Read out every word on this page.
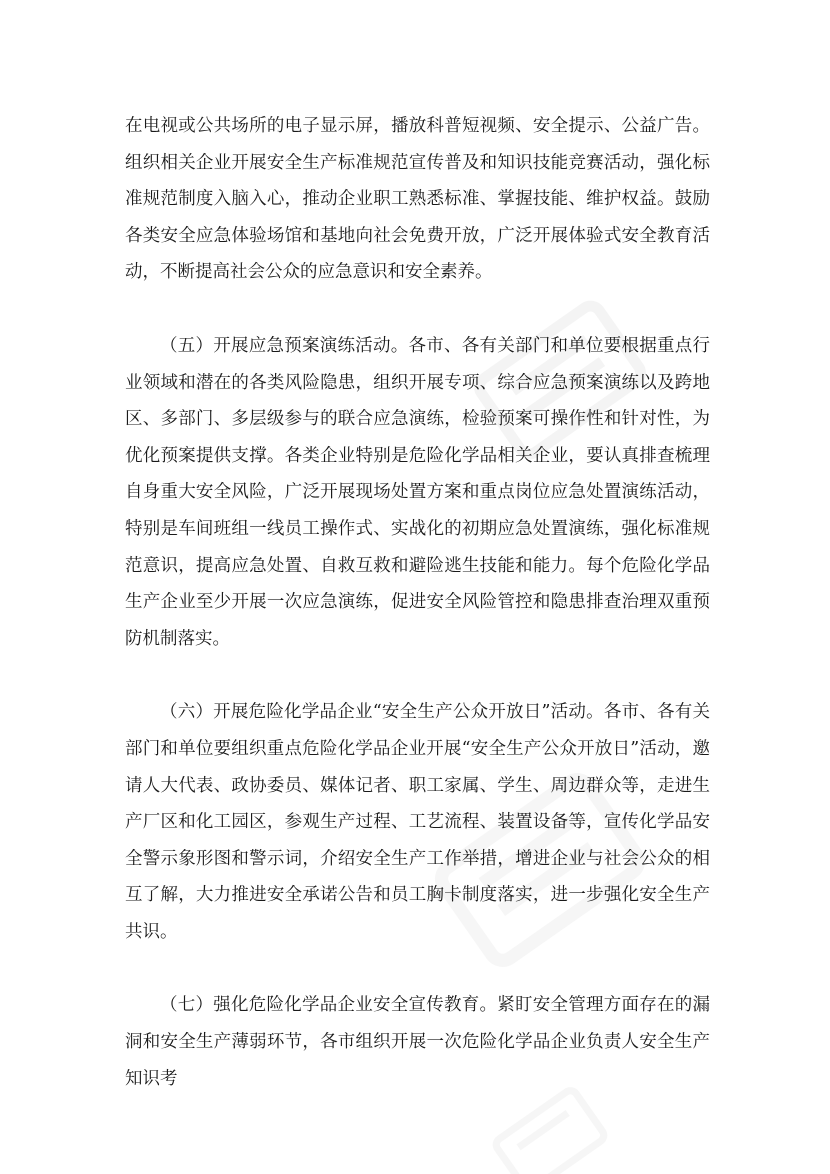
在电视或公共场所的电子显示屏，播放科普短视频、安全提示、公益广告。组织相关企业开展安全生产标准规范宣传普及和知识技能竞赛活动，强化标准规范制度入脑入心，推动企业职工熟悉标准、掌握技能、维护权益。鼓励各类安全应急体验场馆和基地向社会免费开放，广泛开展体验式安全教育活动，不断提高社会公众的应急意识和安全素养。

（五）开展应急预案演练活动。各市、各有关部门和单位要根据重点行业领域和潜在的各类风险隐患，组织开展专项、综合应急预案演练以及跨地区、多部门、多层级参与的联合应急演练，检验预案可操作性和针对性，为优化预案提供支撑。各类企业特别是危险化学品相关企业，要认真排查梳理自身重大安全风险，广泛开展现场处置方案和重点岗位应急处置演练活动，特别是车间班组一线员工操作式、实战化的初期应急处置演练，强化标准规范意识，提高应急处置、自救互救和避险逃生技能和能力。每个危险化学品生产企业至少开展一次应急演练，促进安全风险管控和隐患排查治理双重预防机制落实。

（六）开展危险化学品企业“安全生产公众开放日”活动。各市、各有关部门和单位要组织重点危险化学品企业开展“安全生产公众开放日”活动，邀请人大代表、政协委员、媒体记者、职工家属、学生、周边群众等，走进生产厂区和化工园区，参观生产过程、工艺流程、装置设备等，宣传化学品安全警示象形图和警示词，介绍安全生产工作举措，增进企业与社会公众的相互了解，大力推进安全承诺公告和员工胸卡制度落实，进一步强化安全生产共识。

（七）强化危险化学品企业安全宣传教育。紧盯安全管理方面存在的漏洞和安全生产薄弱环节，各市组织开展一次危险化学品企业负责人安全生产知识考
